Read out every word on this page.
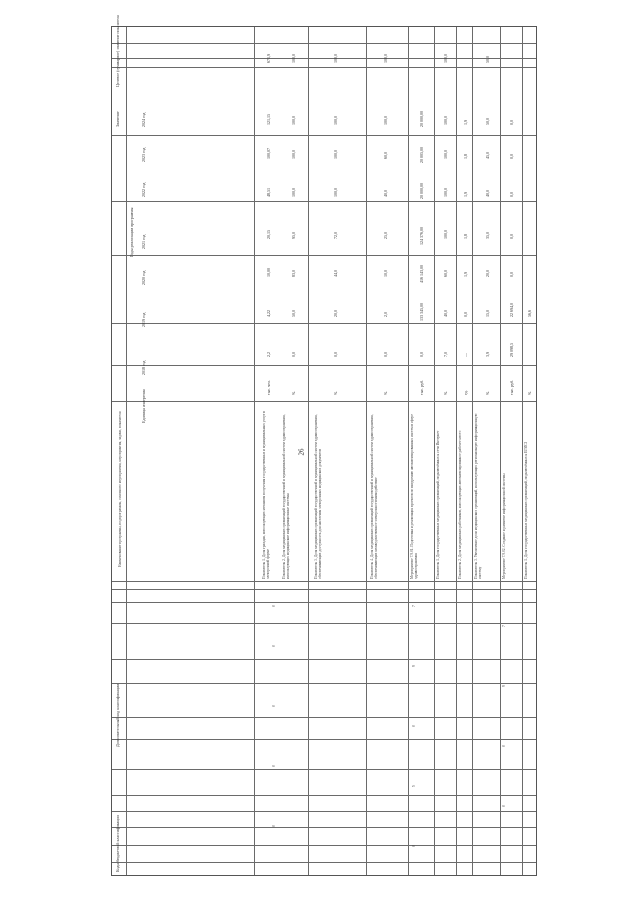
26
Целевое (суммарное) значение показателя
Значение
Годы реализации программы
2018 год
Единица измерения
Наименование программы, подпрограммы, основного мероприятия, мероприятия, задачи, показателя
Дополнительный код классификации
Коды бюджетной классификации
2019 год
2020 год
2021 год
2022 год
2023 год
2024 год
Показатель 1. Доля граждан, использующих механизм получения государственных и муниципальных услуг в электронной форме
тыс. чел.
2,2
4,22
10,00
20,15
48,51
100,07
121,15
671,9
Показатель 2. Доля медицинских организаций государственной и муниципальной систем здравоохранения, использующих медицинские информационные системы
%
0,0
50,0
83,0
95,0
100,0
100,0
100,0
100,0
Показатель 3. Доля медицинских организаций государственной и муниципальной систем здравоохранения, обеспечивающих доступность для населения электронных медицинских документов
%
0,0
20,0
44,0
72,0
100,0
100,0
100,0
100,0
Показатель 4. Доля медицинских организаций государственной и муниципальной систем здравоохранения, обеспечивающих межведомственное электронное взаимодействие
%
0,0
2,0
10,0
25,0
40,0
60,0
100,0
100,0
Мероприятие 7.9.01. Подготовка и реализация проектов по внедрению автоматизированных систем в сфере здравоохранения
тыс. руб.
0,0
133 345,00
416 143,00
124 376,00
20 000,00
20 005,00
20 000,00
Показатель 1. Доля государственных медицинских организаций, подключённых к сети Интернет
%
7,0
40,0
60,0
100,0
100,0
100,0
100,0
100,0
Показатель 2. Доля медицинских работников, использующих автоматизированное рабочее место
ед.
—
0,0
1,9
1,8
1,9
1,8
1,9
Показатель 3. Увеличение доли медицинских организаций, использующих региональную информационную систему
%
3,9
15,0
20,0
35,0
40,0
45,0
50,0
50,0
Мероприятие 7.9.02. Создание и развитие информационной системы
тыс. руб.
29 098,5
22 694,0
0,0
0,0
0,0
0,0
0,0
Показатель 1. Доля государственных медицинских организаций, подключённых к ЕГИСЗ
%
56,6
0
0
0
0
0
7
9
0
5
0
7
9
0
0
